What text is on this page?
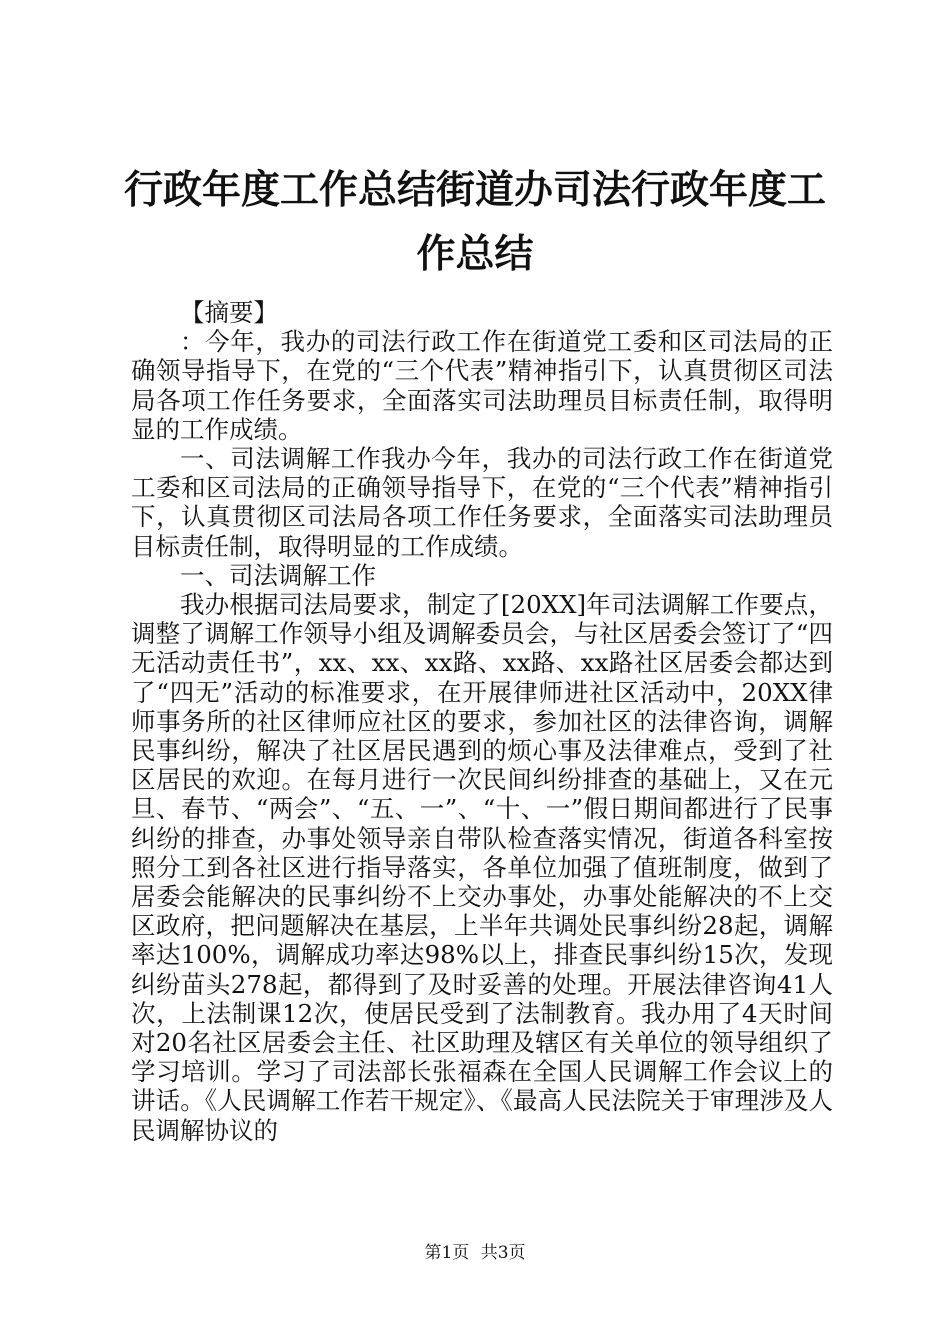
行政年度工作总结街道办司法行政年度工作总结

【摘要】

：今年，我办的司法行政工作在街道党工委和区司法局的正确领导指导下，在党的“三个代表”精神指引下，认真贯彻区司法局各项工作任务要求，全面落实司法助理员目标责任制，取得明显的工作成绩。

一、司法调解工作我办今年，我办的司法行政工作在街道党工委和区司法局的正确领导指导下，在党的“三个代表”精神指引下，认真贯彻区司法局各项工作任务要求，全面落实司法助理员目标责任制，取得明显的工作成绩。

一、司法调解工作

我办根据司法局要求，制定了[20XX]年司法调解工作要点，调整了调解工作领导小组及调解委员会，与社区居委会签订了“四无活动责任书”，xx、xx、xx路、xx路、xx路社区居委会都达到了“四无”活动的标准要求，在开展律师进社区活动中，20XX律师事务所的社区律师应社区的要求，参加社区的法律咨询，调解民事纠纷，解决了社区居民遇到的烦心事及法律难点，受到了社区居民的欢迎。在每月进行一次民间纠纷排查的基础上，又在元旦、春节、“两会”、“五、一”、“十、一”假日期间都进行了民事纠纷的排查，办事处领导亲自带队检查落实情况，街道各科室按照分工到各社区进行指导落实，各单位加强了值班制度，做到了居委会能解决的民事纠纷不上交办事处，办事处能解决的不上交区政府，把问题解决在基层，上半年共调处民事纠纷28起，调解率达100%，调解成功率达98%以上，排查民事纠纷15次，发现纠纷苗头278起，都得到了及时妥善的处理。开展法律咨询41人次，上法制课12次，使居民受到了法制教育。我办用了4天时间对20名社区居委会主任、社区助理及辖区有关单位的领导组织了学习培训。学习了司法部长张福森在全国人民调解工作会议上的讲话。《人民调解工作若干规定》、《最高人民法院关于审理涉及人民调解协议的

第1页 共3页
